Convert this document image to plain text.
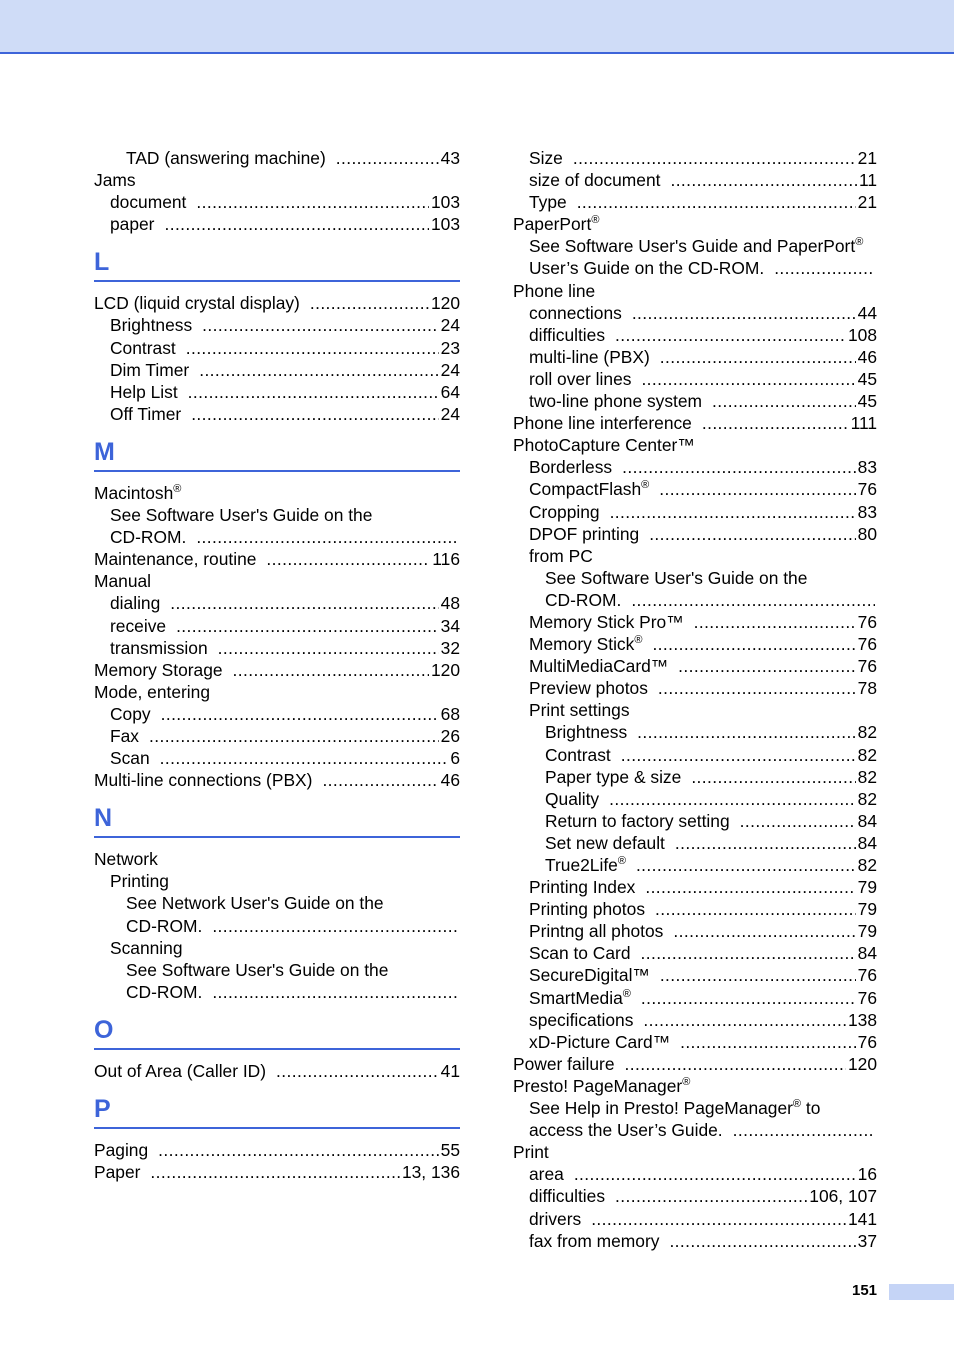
TAD (answering machine) .....	43
Jams
document .....	103
paper .....	103
L
LCD (liquid crystal display) .....	120
Brightness .....	24
Contrast .....	23
Dim Timer .....	24
Help List .....	64
Off Timer .....	24
M
Macintosh®
See Software User's Guide on the
CD-ROM.
.....
Maintenance, routine .....	116
Manual
dialing .....	48
receive .....	34
transmission .....	32
Memory Storage .....	120
Mode, entering
Copy .....	68
Fax .....	26
Scan .....	6
Multi-line connections (PBX) .....	46
N
Network
Printing
See Network User's Guide on the
CD-ROM.
.....
Scanning
See Software User's Guide on the
CD-ROM.
.....
O
Out of Area (Caller ID) .....	41
P
Paging .....	55
Paper .....	13, 136
Size .....	21
size of document .....	11
Type .....	21
PaperPort®
See Software User's Guide and PaperPort®
User’s Guide on the CD-ROM.
.....
Phone line
connections .....	44
difficulties .....	108
multi-line (PBX) .....	46
roll over lines .....	45
two-line phone system .....	45
Phone line interference .....	111
PhotoCapture Center™
Borderless .....	83
CompactFlash® .....	76
Cropping .....	83
DPOF printing .....	80
from PC
See Software User's Guide on the
CD-ROM.
.....
Memory Stick Pro™ .....	76
Memory Stick® .....	76
MultiMediaCard™ .....	76
Preview photos .....	78
Print settings
Brightness .....	82
Contrast .....	82
Paper type & size .....	82
Quality .....	82
Return to factory setting .....	84
Set new default .....	84
True2Life® .....	82
Printing Index .....	79
Printing photos .....	79
Printng all photos .....	79
Scan to Card .....	84
SecureDigital™ .....	76
SmartMedia® .....	76
specifications .....	138
xD-Picture Card™ .....	76
Power failure .....	120
Presto! PageManager®
See Help in Presto! PageManager® to
access the User’s Guide.
.....
Print
area .....	16
difficulties .....	106, 107
drivers .....	141
fax from memory .....	37
151
